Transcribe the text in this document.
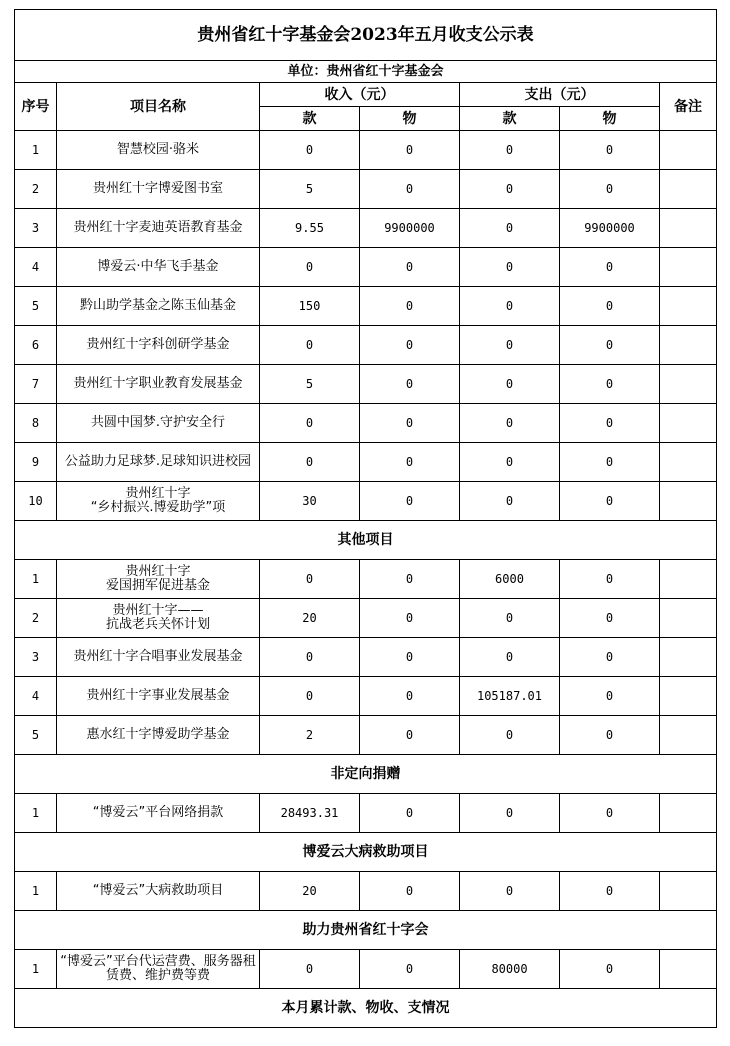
贵州省红十字基金会2023年五月收支公示表						
单位：贵州省红十字基金会						
序号	项目名称	收入（元）		支出（元）		备注
		款	物	款	物	
1	智慧校园·骆米	0	0	0	0	
2	贵州红十字博爱图书室	5	0	0	0	
3	贵州红十字麦迪英语教育基金	9.55	9900000	0	9900000	
4	博爱云·中华飞手基金	0	0	0	0	
5	黔山助学基金之陈玉仙基金	150	0	0	0	
6	贵州红十字科创研学基金	0	0	0	0	
7	贵州红十字职业教育发展基金	5	0	0	0	
8	共圆中国梦.守护安全行	0	0	0	0	
9	公益助力足球梦.足球知识进校园	0	0	0	0	
10	贵州红十字
“乡村振兴.博爱助学”项	30	0	0	0	
其他项目						
1	贵州红十字
爱国拥军促进基金	0	0	6000	0	
2	贵州红十字——
抗战老兵关怀计划	20	0	0	0	
3	贵州红十字合唱事业发展基金	0	0	0	0	
4	贵州红十字事业发展基金	0	0	105187.01	0	
5	惠水红十字博爱助学基金	2	0	0	0	
非定向捐赠						
1	“博爱云”平台网络捐款	28493.31	0	0	0	
博爱云大病救助项目						
1	“博爱云”大病救助项目	20	0	0	0	
助力贵州省红十字会						
1	“博爱云”平台代运营费、服务器租赁费、维护费等费	0	0	80000	0	
本月累计款、物收、支情况						
